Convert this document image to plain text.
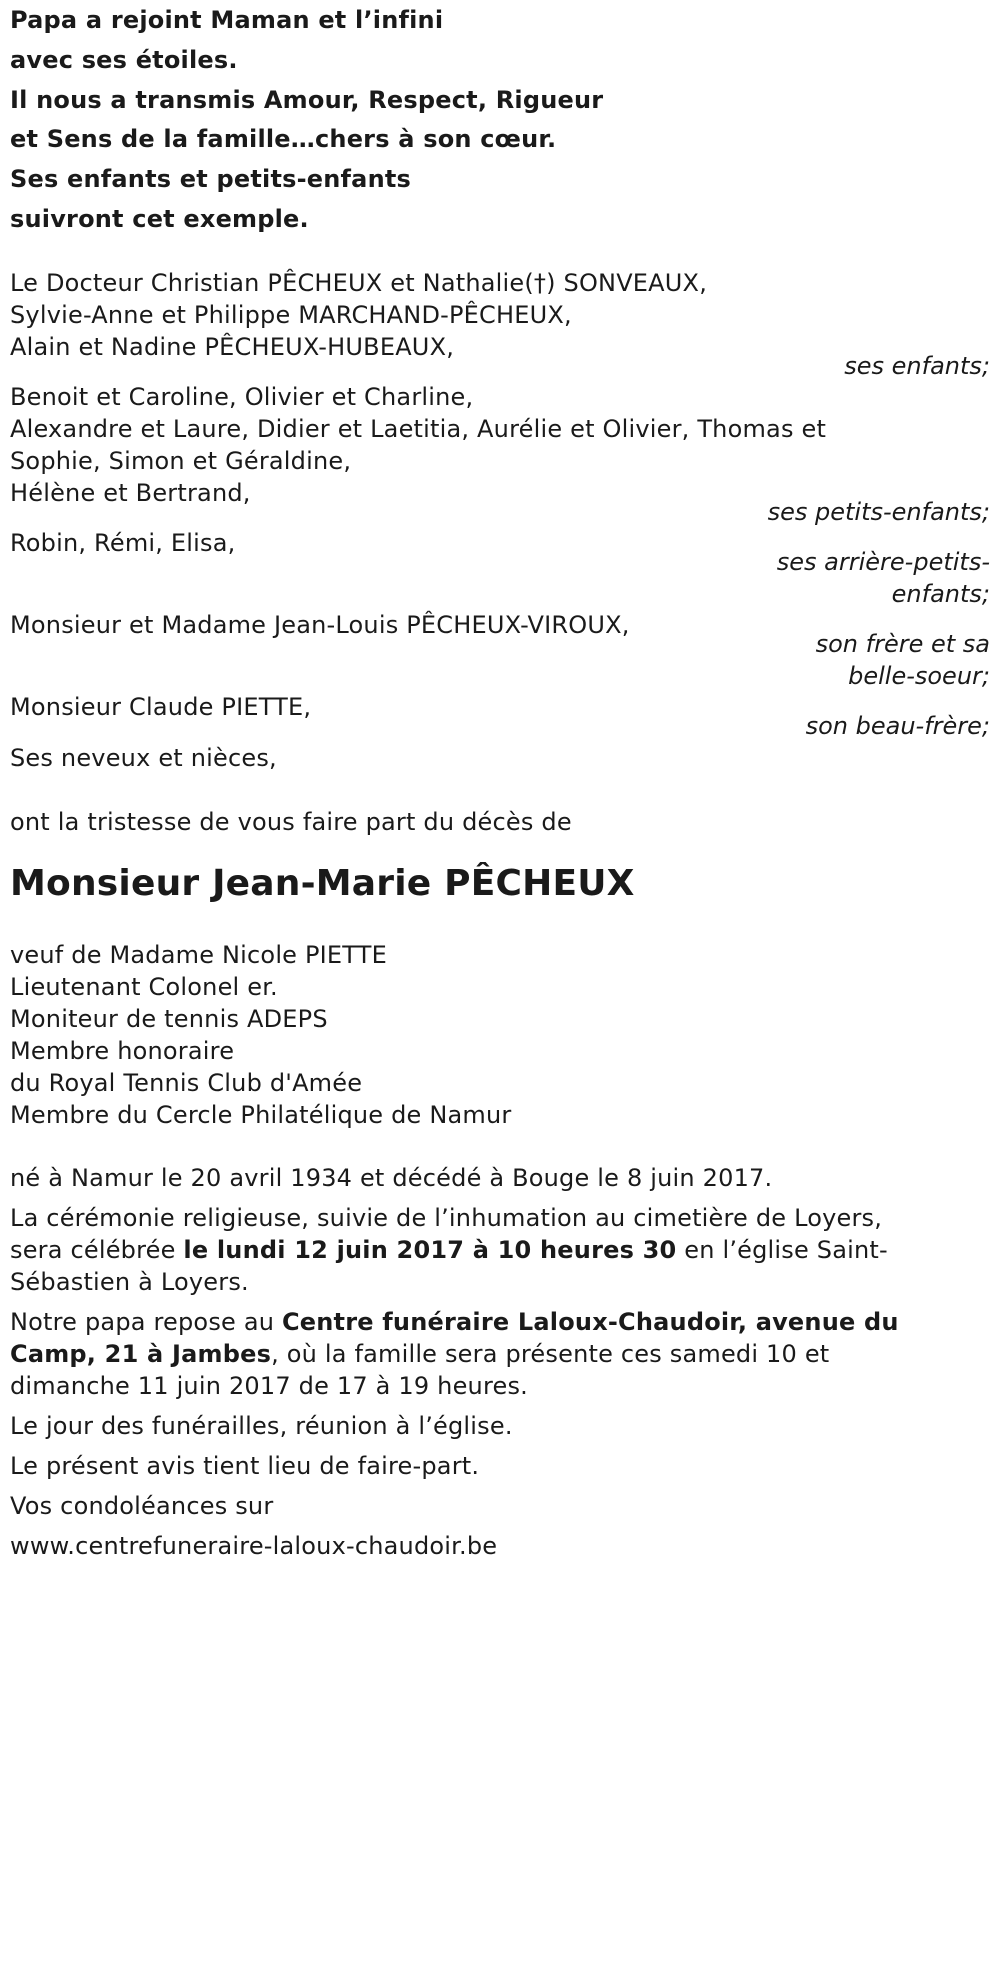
Papa a rejoint Maman et l’infini
avec ses étoiles.
Il nous a transmis Amour, Respect, Rigueur
et Sens de la famille…chers à son cœur.
Ses enfants et petits-enfants
suivront cet exemple.
Le Docteur Christian PÊCHEUX et Nathalie(†) SONVEAUX,
Sylvie-Anne et Philippe MARCHAND-PÊCHEUX,
Alain et Nadine PÊCHEUX-HUBEAUX,
ses enfants;
Benoit et Caroline, Olivier et Charline,
Alexandre et Laure, Didier et Laetitia, Aurélie et Olivier, Thomas et
Sophie, Simon et Géraldine,
Hélène et Bertrand,
ses petits-enfants;
Robin, Rémi, Elisa,
ses arrière-petits-
enfants;
Monsieur et Madame Jean-Louis PÊCHEUX-VIROUX,
son frère et sa
belle-soeur;
Monsieur Claude PIETTE,
son beau-frère;
Ses neveux et nièces,
ont la tristesse de vous faire part du décès de
Monsieur Jean-Marie PÊCHEUX
veuf de Madame Nicole PIETTE
Lieutenant Colonel er.
Moniteur de tennis ADEPS
Membre honoraire
du Royal Tennis Club d'Amée
Membre du Cercle Philatélique de Namur
né à Namur le 20 avril 1934 et décédé à Bouge le 8 juin 2017.
La cérémonie religieuse, suivie de l’inhumation au cimetière de Loyers,
sera célébrée le lundi 12 juin 2017 à 10 heures 30 en l’église Saint-
Sébastien à Loyers.
Notre papa repose au Centre funéraire Laloux-Chaudoir, avenue du
Camp, 21 à Jambes, où la famille sera présente ces samedi 10 et
dimanche 11 juin 2017 de 17 à 19 heures.
Le jour des funérailles, réunion à l’église.
Le présent avis tient lieu de faire-part.
Vos condoléances sur
www.centrefuneraire-laloux-chaudoir.be
